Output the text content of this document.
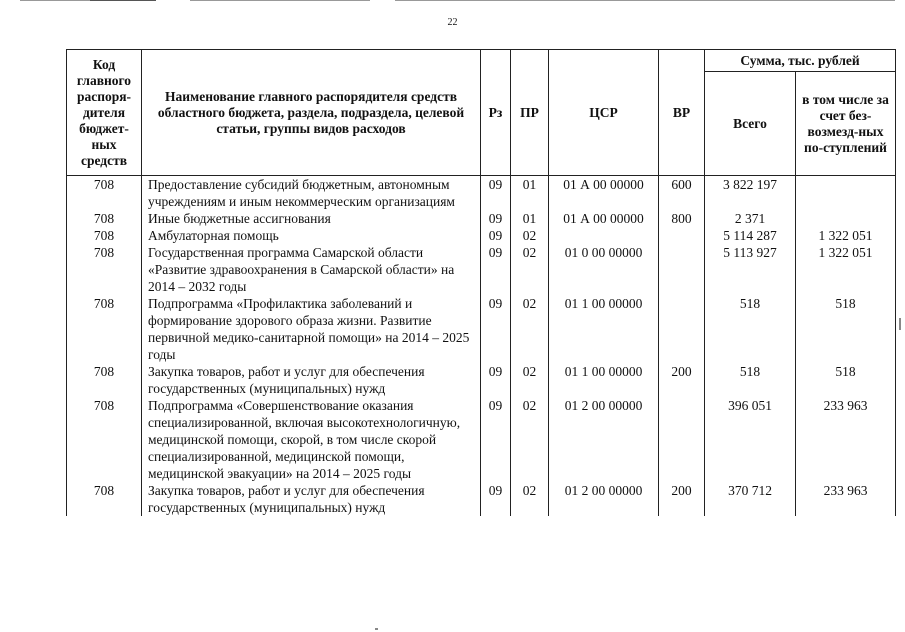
22
Код главного распоря-дителя бюджет-ных средств	Наименование главного распорядителя средств областного бюджета, раздела, подраздела, целевой статьи, группы видов расходов	Рз	ПР	ЦСР	ВР	Сумма, тыс. рублей	
						Всего	в том числе за счет без-возмезд-ных по-ступлений
708	Предоставление субсидий бюджетным, автономным учреждениям и иным некоммерческим организациям	09	01	01 А 00 00000	600	3 822 197	
708	Иные бюджетные ассигнования	09	01	01 А 00 00000	800	2 371	
708	Амбулаторная помощь	09	02			5 114 287	1 322 051
708	Государственная программа Самарской области «Развитие здравоохранения в Самарской области» на 2014 – 2032 годы	09	02	01 0 00 00000		5 113 927	1 322 051
708	Подпрограмма «Профилактика заболеваний и формирование здорового образа жизни. Развитие первичной медико-санитарной помощи» на 2014 – 2025 годы	09	02	01 1 00 00000		518	518
708	Закупка товаров, работ и услуг для обеспечения государственных (муниципальных) нужд	09	02	01 1 00 00000	200	518	518
708	Подпрограмма «Совершенствование оказания специализированной, включая высокотехнологичную, медицинской помощи, скорой, в том числе скорой специализированной, медицинской помощи, медицинской эвакуации» на 2014 – 2025 годы	09	02	01 2 00 00000		396 051	233 963
708	Закупка товаров, работ и услуг для обеспечения государственных (муниципальных) нужд	09	02	01 2 00 00000	200	370 712	233 963
